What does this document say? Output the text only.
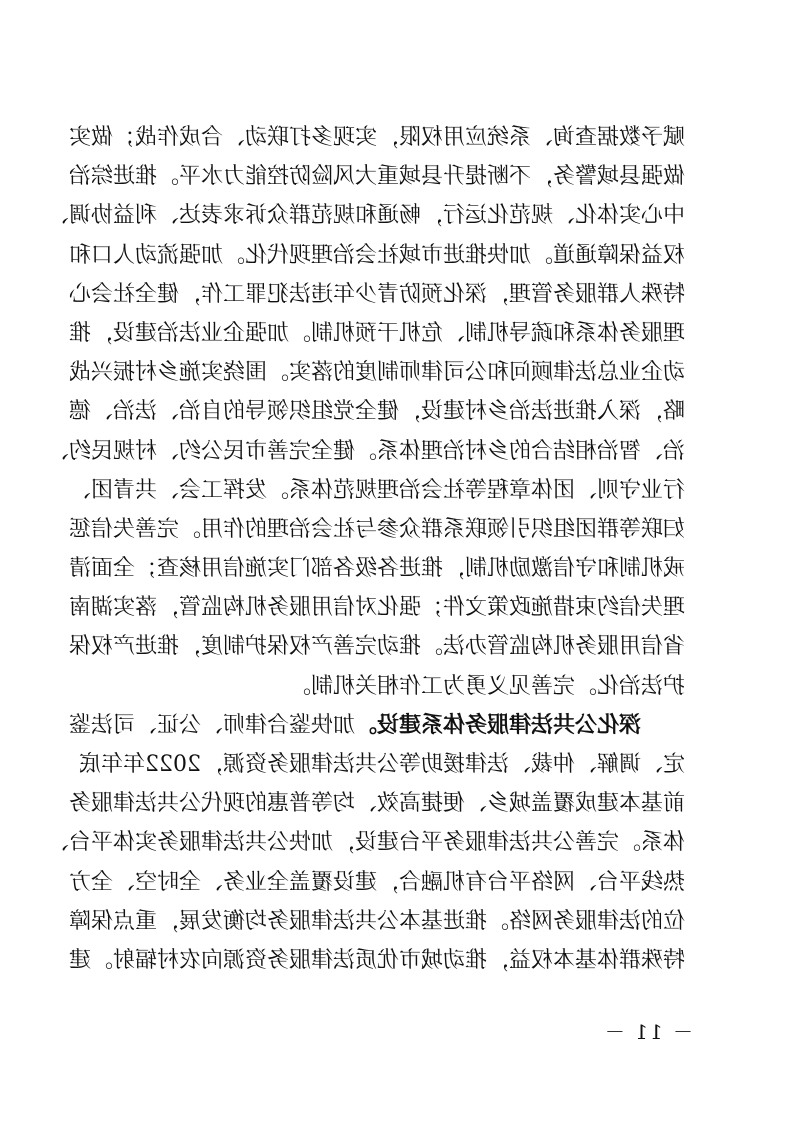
赋予数据查询、系统应用权限，实现多打联动、合成作战；做实
做强县域警务，不断提升县域重大风险防控能力水平。推进综治
中心实体化、规范化运行，畅通和规范群众诉求表达、利益协调、
权益保障通道。加快推进市域社会治理现代化。加强流动人口和
特殊人群服务管理，深化预防青少年违法犯罪工作，健全社会心
理服务体系和疏导机制、危机干预机制。加强企业法治建设，推
动企业总法律顾问和公司律师制度的落实。围绕实施乡村振兴战
略，深入推进法治乡村建设，健全党组织领导的自治、法治、德
治、智治相结合的乡村治理体系。健全完善市民公约、村规民约、
行业守则、团体章程等社会治理规范体系。发挥工会、共青团、
妇联等群团组织引领联系群众参与社会治理的作用。完善失信惩
戒机制和守信激励机制，推进各级各部门实施信用核查；全面清
理失信约束措施政策文件；强化对信用服务机构监管，落实湖南
省信用服务机构监管办法。推动完善产权保护制度，推进产权保
护法治化。完善见义勇为工作相关机制。
深化公共法律服务体系建设。加快鉴合律师、公证、司法鉴
定、调解、仲裁、法律援助等公共法律服务资源，2022年年底
前基本建成覆盖城乡、便捷高效、均等普惠的现代公共法律服务
体系。完善公共法律服务平台建设，加快公共法律服务实体平台、
热线平台、网络平台有机融合，建设覆盖全业务、全时空、全方
位的法律服务网络。推进基本公共法律服务均衡发展，重点保障
特殊群体基本权益，推动城市优质法律服务资源向农村辐射。建
－ 11 －
